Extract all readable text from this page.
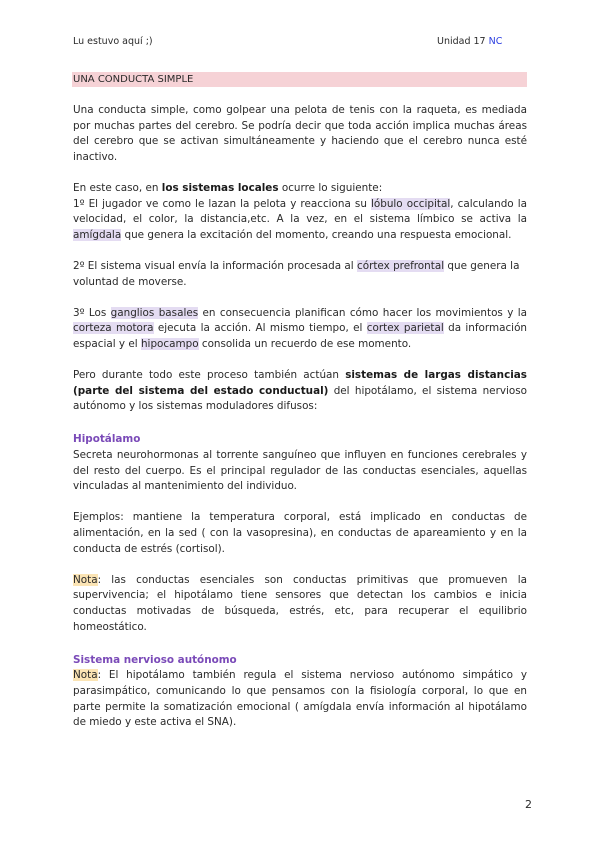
Lu estuvo aquí ;)	Unidad 17 NC
UNA CONDUCTA SIMPLE

Una conducta simple, como golpear una pelota de tenis con la raqueta, es mediada por muchas partes del cerebro. Se podría decir que toda acción implica muchas áreas del cerebro que se activan simultáneamente y haciendo que el cerebro nunca esté inactivo.

En este caso, en los sistemas locales ocurre lo siguiente:

1º El jugador ve como le lazan la pelota y reacciona su lóbulo occipital, calculando la velocidad, el color, la distancia,etc. A la vez, en el sistema límbico se activa la amígdala que genera la excitación del momento, creando una respuesta emocional.

2º El sistema visual envía la información procesada al córtex prefrontal que genera la voluntad de moverse.

3º Los ganglios basales en consecuencia planifican cómo hacer los movimientos y la corteza motora ejecuta la acción. Al mismo tiempo, el cortex parietal da información espacial y el hipocampo consolida un recuerdo de ese momento.

Pero durante todo este proceso también actúan sistemas de largas distancias (parte del sistema del estado conductual) del hipotálamo, el sistema nervioso autónomo y los sistemas moduladores difusos:

Hipotálamo

Secreta neurohormonas al torrente sanguíneo que influyen en funciones cerebrales y del resto del cuerpo. Es el principal regulador de las conductas esenciales, aquellas vinculadas al mantenimiento del individuo.

Ejemplos: mantiene la temperatura corporal, está implicado en conductas de alimentación, en la sed ( con la vasopresina), en conductas de apareamiento y en la conducta de estrés (cortisol).

Nota: las conductas esenciales son conductas primitivas que promueven la supervivencia; el hipotálamo tiene sensores que detectan los cambios e inicia conductas motivadas de búsqueda, estrés, etc, para recuperar el equilibrio homeostático.

Sistema nervioso autónomo

Nota: El hipotálamo también regula el sistema nervioso autónomo simpático y parasimpático, comunicando lo que pensamos con la fisiología corporal, lo que en parte permite la somatización emocional ( amígdala envía información al hipotálamo de miedo y este activa el SNA).

2
